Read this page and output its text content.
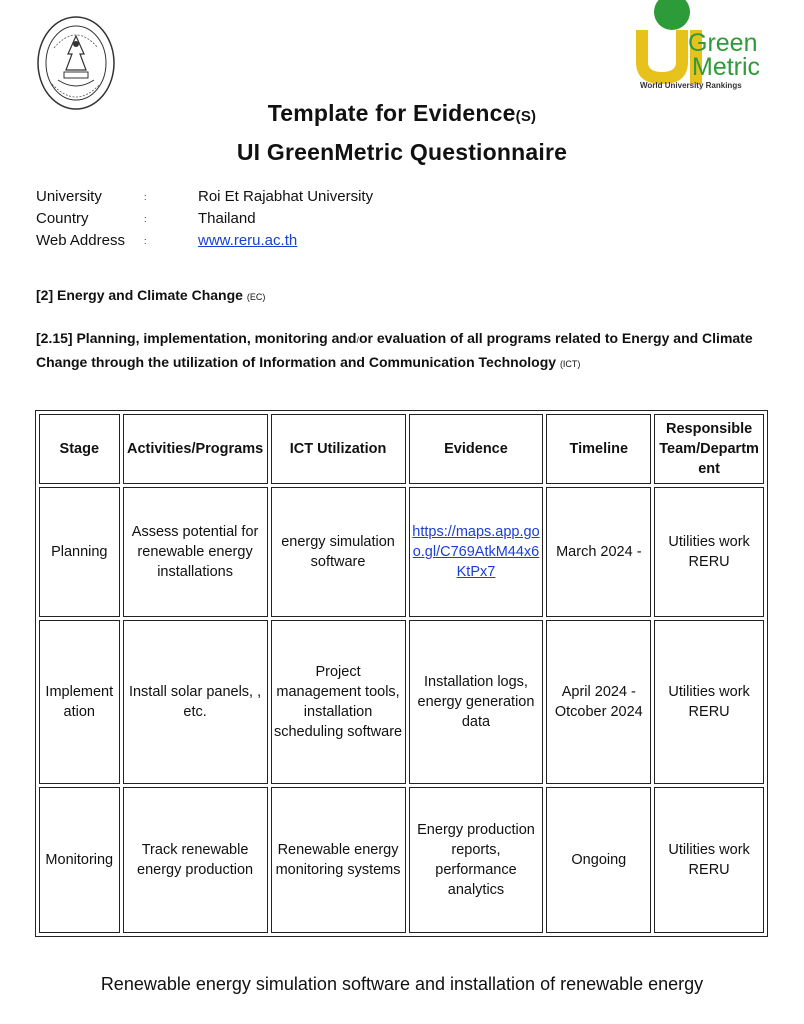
Green
Metric
World University Rankings
Template for Evidence(S)
UI GreenMetric Questionnaire
University	:	Roi Et Rajabhat University
Country	:	Thailand
Web Address :	www.reru.ac.th
[2] Energy and Climate Change (EC)
[2.15] Planning, implementation, monitoring and/or evaluation of all programs related to Energy and Climate Change through the utilization of Information and Communication Technology (ICT)
Stage	Activities/Programs	ICT Utilization	Evidence	Timeline	Responsible Team/Department
Planning	Assess potential for renewable energy installations	energy simulation software	https://maps.app.goo.gl/C769AtkM44x6KtPx7	March 2024 -	Utilities work RERU
Implementation	Install solar panels, , etc.	Project management tools, installation scheduling software	Installation logs, energy generation data	April 2024 - Otcober 2024	Utilities work RERU
Monitoring	Track renewable energy production	Renewable energy monitoring systems	Energy production reports, performance analytics	Ongoing	Utilities work RERU
Renewable energy simulation software and installation of renewable energy
